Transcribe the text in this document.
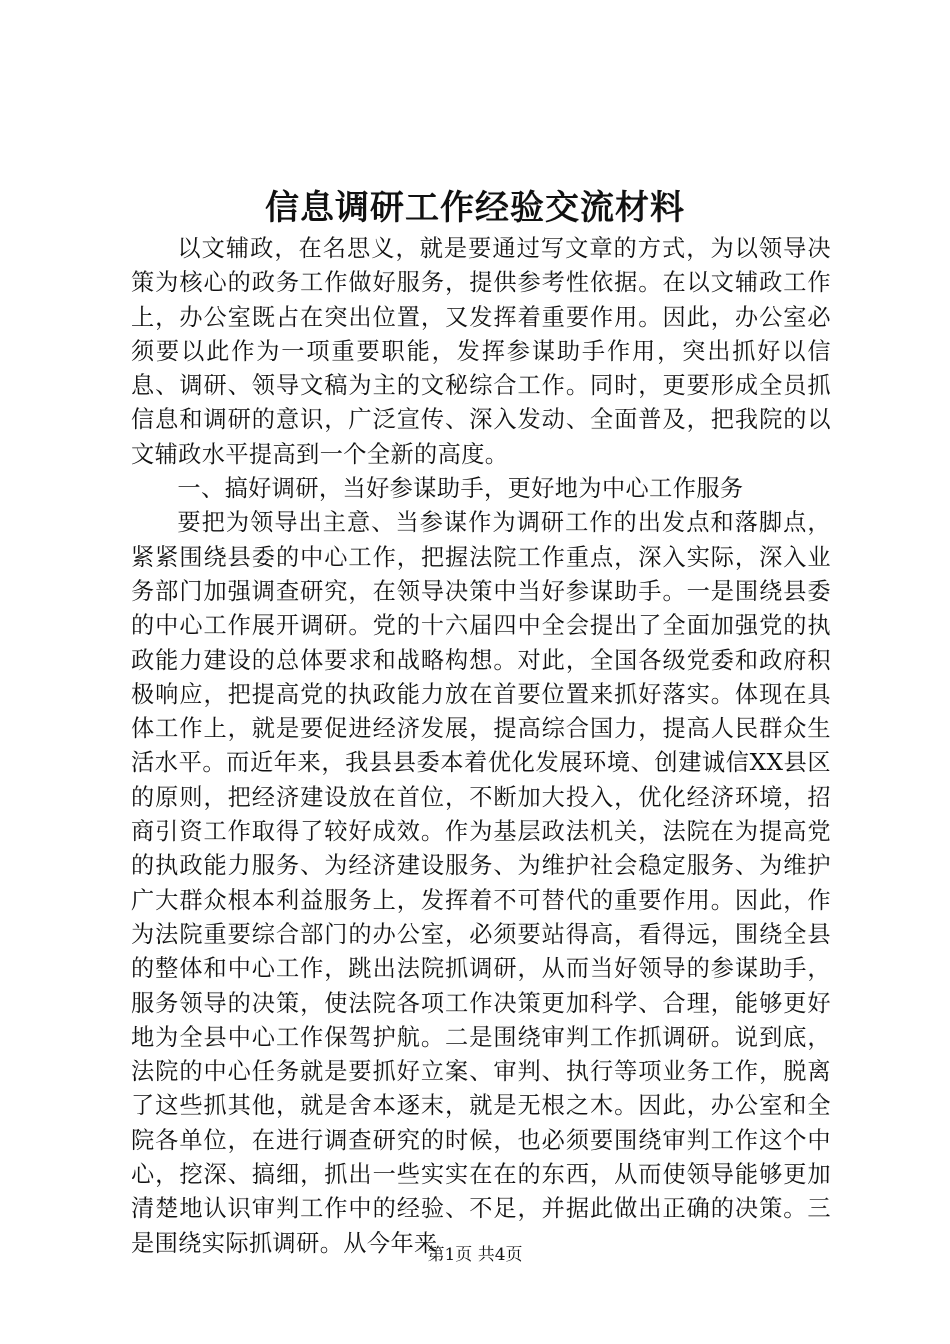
信息调研工作经验交流材料

以文辅政，在名思义，就是要通过写文章的方式，为以领导决策为核心的政务工作做好服务，提供参考性依据。在以文辅政工作上，办公室既占在突出位置，又发挥着重要作用。因此，办公室必须要以此作为一项重要职能，发挥参谋助手作用，突出抓好以信息、调研、领导文稿为主的文秘综合工作。同时，更要形成全员抓信息和调研的意识，广泛宣传、深入发动、全面普及，把我院的以文辅政水平提高到一个全新的高度。

一、搞好调研，当好参谋助手，更好地为中心工作服务

要把为领导出主意、当参谋作为调研工作的出发点和落脚点，紧紧围绕县委的中心工作，把握法院工作重点，深入实际，深入业务部门加强调查研究，在领导决策中当好参谋助手。一是围绕县委的中心工作展开调研。党的十六届四中全会提出了全面加强党的执政能力建设的总体要求和战略构想。对此，全国各级党委和政府积极响应，把提高党的执政能力放在首要位置来抓好落实。体现在具体工作上，就是要促进经济发展，提高综合国力，提高人民群众生活水平。而近年来，我县县委本着优化发展环境、创建诚信XX县区的原则，把经济建设放在首位，不断加大投入，优化经济环境，招商引资工作取得了较好成效。作为基层政法机关，法院在为提高党的执政能力服务、为经济建设服务、为维护社会稳定服务、为维护广大群众根本利益服务上，发挥着不可替代的重要作用。因此，作为法院重要综合部门的办公室，必须要站得高，看得远，围绕全县的整体和中心工作，跳出法院抓调研，从而当好领导的参谋助手，服务领导的决策，使法院各项工作决策更加科学、合理，能够更好地为全县中心工作保驾护航。二是围绕审判工作抓调研。说到底，法院的中心任务就是要抓好立案、审判、执行等项业务工作，脱离了这些抓其他，就是舍本逐末，就是无根之木。因此，办公室和全院各单位，在进行调查研究的时候，也必须要围绕审判工作这个中心，挖深、搞细，抓出一些实实在在的东西，从而使领导能够更加清楚地认识审判工作中的经验、不足，并据此做出正确的决策。三是围绕实际抓调研。从今年来

第1页 共4页
